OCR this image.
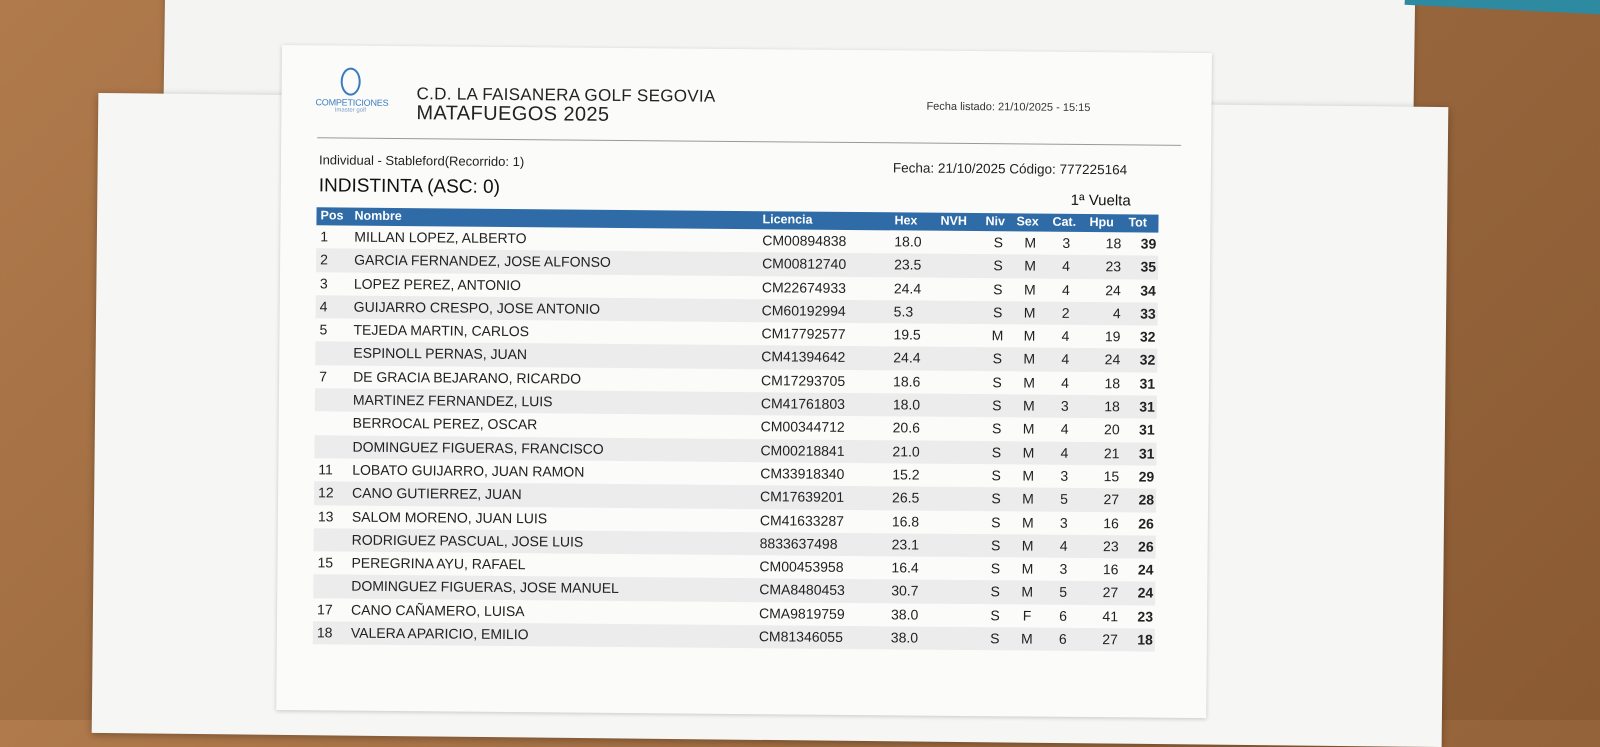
COMPETICIONES
Imaster golf
C.D. LA FAISANERA GOLF SEGOVIA
MATAFUEGOS 2025	Fecha listado: 21/10/2025 - 15:15
Individual - Stableford(Recorrido: 1)	Fecha: 21/10/2025 Código: 777225164
INDISTINTA (ASC: 0)
1ª Vuelta
Pos Nombre	Licencia	Hex NVH Niv Sex	Cat.	Hpu	Tot
1 MILLAN LOPEZ, ALBERTO	CM00894838	18.0	S	M	3	18	39
2 GARCIA FERNANDEZ, JOSE ALFONSO	CM00812740	23.5	S	M	4	23	35
3 LOPEZ PEREZ, ANTONIO	CM22674933	24.4	S	M	4	24	34
4 GUIJARRO CRESPO, JOSE ANTONIO	CM60192994	5.3	S	M	2	4	33
5 TEJEDA MARTIN, CARLOS	CM17792577	19.5	M	M	4	19	32
ESPINOLL PERNAS, JUAN	CM41394642	24.4	S	M	4	24	32
7 DE GRACIA BEJARANO, RICARDO	CM17293705	18.6	S	M	4	18	31
MARTINEZ FERNANDEZ, LUIS	CM41761803	18.0	S	M	3	18	31
BERROCAL PEREZ, OSCAR	CM00344712	20.6	S	M	4	20	31
DOMINGUEZ FIGUERAS, FRANCISCO	CM00218841	21.0	S	M	4	21	31
11 LOBATO GUIJARRO, JUAN RAMON	CM33918340	15.2	S	M	3	15	29
12 CANO GUTIERREZ, JUAN	CM17639201	26.5	S	M	5	27	28
13 SALOM MORENO, JUAN LUIS	CM41633287	16.8	S	M	3	16	26
RODRIGUEZ PASCUAL, JOSE LUIS	8833637498	23.1	S	M	4	23	26
15 PEREGRINA AYU, RAFAEL	CM00453958	16.4	S	M	3	16	24
DOMINGUEZ FIGUERAS, JOSE MANUEL	CMA8480453	30.7	S	M	5	27	24
17 CANO CAÑAMERO, LUISA	CMA9819759	38.0	S	F	6	41	23
18 VALERA APARICIO, EMILIO	CM81346055	38.0	S	M	6	27	18
